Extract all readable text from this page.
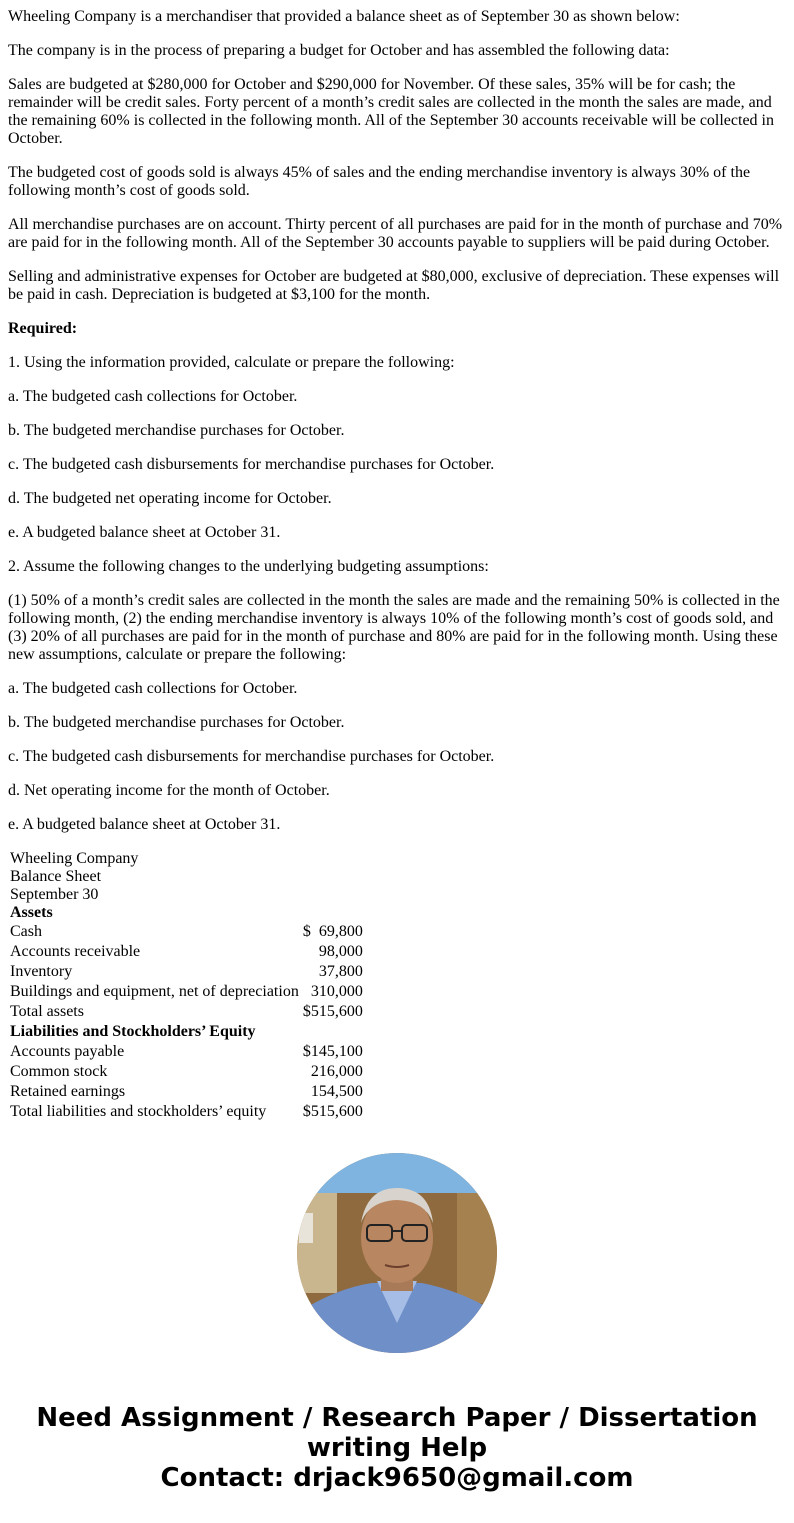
Wheeling Company is a merchandiser that provided a balance sheet as of September 30 as shown below:

The company is in the process of preparing a budget for October and has assembled the following data:

Sales are budgeted at $280,000 for October and $290,000 for November. Of these sales, 35% will be for cash; the remainder will be credit sales. Forty percent of a month’s credit sales are collected in the month the sales are made, and the remaining 60% is collected in the following month. All of the September 30 accounts receivable will be collected in October.

The budgeted cost of goods sold is always 45% of sales and the ending merchandise inventory is always 30% of the following month’s cost of goods sold.

All merchandise purchases are on account. Thirty percent of all purchases are paid for in the month of purchase and 70% are paid for in the following month. All of the September 30 accounts payable to suppliers will be paid during October.

Selling and administrative expenses for October are budgeted at $80,000, exclusive of depreciation. These expenses will be paid in cash. Depreciation is budgeted at $3,100 for the month.

Required:

1. Using the information provided, calculate or prepare the following:

a. The budgeted cash collections for October.

b. The budgeted merchandise purchases for October.

c. The budgeted cash disbursements for merchandise purchases for October.

d. The budgeted net operating income for October.

e. A budgeted balance sheet at October 31.

2. Assume the following changes to the underlying budgeting assumptions:

(1) 50% of a month’s credit sales are collected in the month the sales are made and the remaining 50% is collected in the following month, (2) the ending merchandise inventory is always 10% of the following month’s cost of goods sold, and (3) 20% of all purchases are paid for in the month of purchase and 80% are paid for in the following month. Using these new assumptions, calculate or prepare the following:

a. The budgeted cash collections for October.

b. The budgeted merchandise purchases for October.

c. The budgeted cash disbursements for merchandise purchases for October.

d. Net operating income for the month of October.

e. A budgeted balance sheet at October 31.

Wheeling Company	
Balance Sheet	
September 30	
Assets	
Cash	$ 69,800

Accounts receivable	98,000

Inventory	37,800

Buildings and equipment, net of depreciation	310,000

Total assets	$ 515,600

Liabilities and Stockholders’ Equity	
Accounts payable	$ 145,100

Common stock	216,000

Retained earnings	154,500

Total liabilities and stockholders’ equity	$ 515,600
Need Assignment / Research Paper / Dissertation
writing Help
Contact: drjack9650@gmail.com
